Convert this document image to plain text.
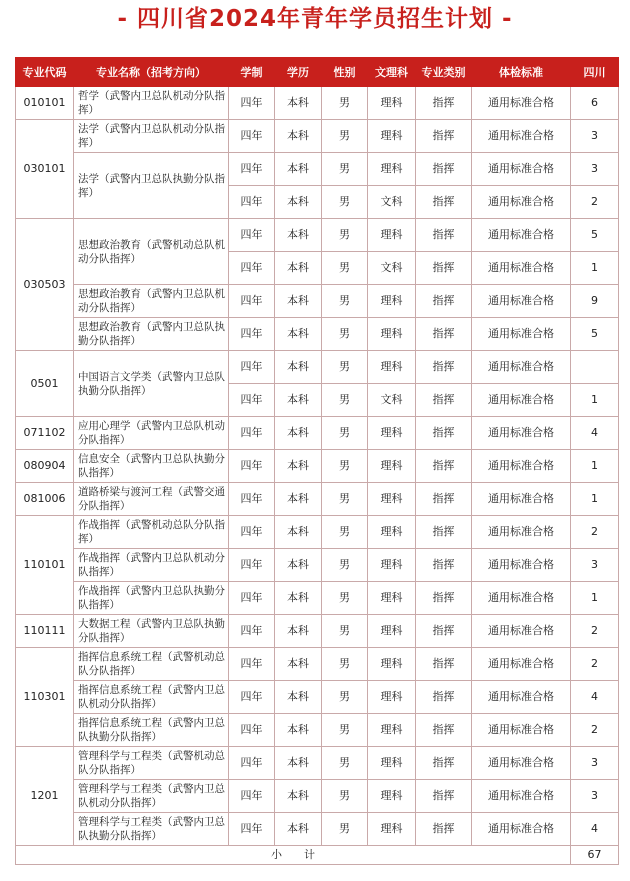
- 四川省2024年青年学员招生计划 -
专业代码	专业名称（招考方向）	学制	学历	性别	文理科	专业类别	体检标准	四川
010101	哲学（武警内卫总队机动分队指挥）	四年	本科	男	理科	指挥	通用标准合格	6
030101	法学（武警内卫总队机动分队指挥）	四年	本科	男	理科	指挥	通用标准合格	3
	法学（武警内卫总队执勤分队指挥）	四年	本科	男	理科	指挥	通用标准合格	3
		四年	本科	男	文科	指挥	通用标准合格	2
030503	思想政治教育（武警机动总队机动分队指挥）	四年	本科	男	理科	指挥	通用标准合格	5
		四年	本科	男	文科	指挥	通用标准合格	1
	思想政治教育（武警内卫总队机动分队指挥）	四年	本科	男	理科	指挥	通用标准合格	9
	思想政治教育（武警内卫总队执勤分队指挥）	四年	本科	男	理科	指挥	通用标准合格	5
0501	中国语言文学类（武警内卫总队执勤分队指挥）	四年	本科	男	理科	指挥	通用标准合格	
		四年	本科	男	文科	指挥	通用标准合格	1
071102	应用心理学（武警内卫总队机动分队指挥）	四年	本科	男	理科	指挥	通用标准合格	4
080904	信息安全（武警内卫总队执勤分队指挥）	四年	本科	男	理科	指挥	通用标准合格	1
081006	道路桥梁与渡河工程（武警交通分队指挥）	四年	本科	男	理科	指挥	通用标准合格	1
110101	作战指挥（武警机动总队分队指挥）	四年	本科	男	理科	指挥	通用标准合格	2
	作战指挥（武警内卫总队机动分队指挥）	四年	本科	男	理科	指挥	通用标准合格	3
	作战指挥（武警内卫总队执勤分队指挥）	四年	本科	男	理科	指挥	通用标准合格	1
110111	大数据工程（武警内卫总队执勤分队指挥）	四年	本科	男	理科	指挥	通用标准合格	2
110301	指挥信息系统工程（武警机动总队分队指挥）	四年	本科	男	理科	指挥	通用标准合格	2
	指挥信息系统工程（武警内卫总队机动分队指挥）	四年	本科	男	理科	指挥	通用标准合格	4
	指挥信息系统工程（武警内卫总队执勤分队指挥）	四年	本科	男	理科	指挥	通用标准合格	2
1201	管理科学与工程类（武警机动总队分队指挥）	四年	本科	男	理科	指挥	通用标准合格	3
	管理科学与工程类（武警内卫总队机动分队指挥）	四年	本科	男	理科	指挥	通用标准合格	3
	管理科学与工程类（武警内卫总队执勤分队指挥）	四年	本科	男	理科	指挥	通用标准合格	4
小　　计								67
